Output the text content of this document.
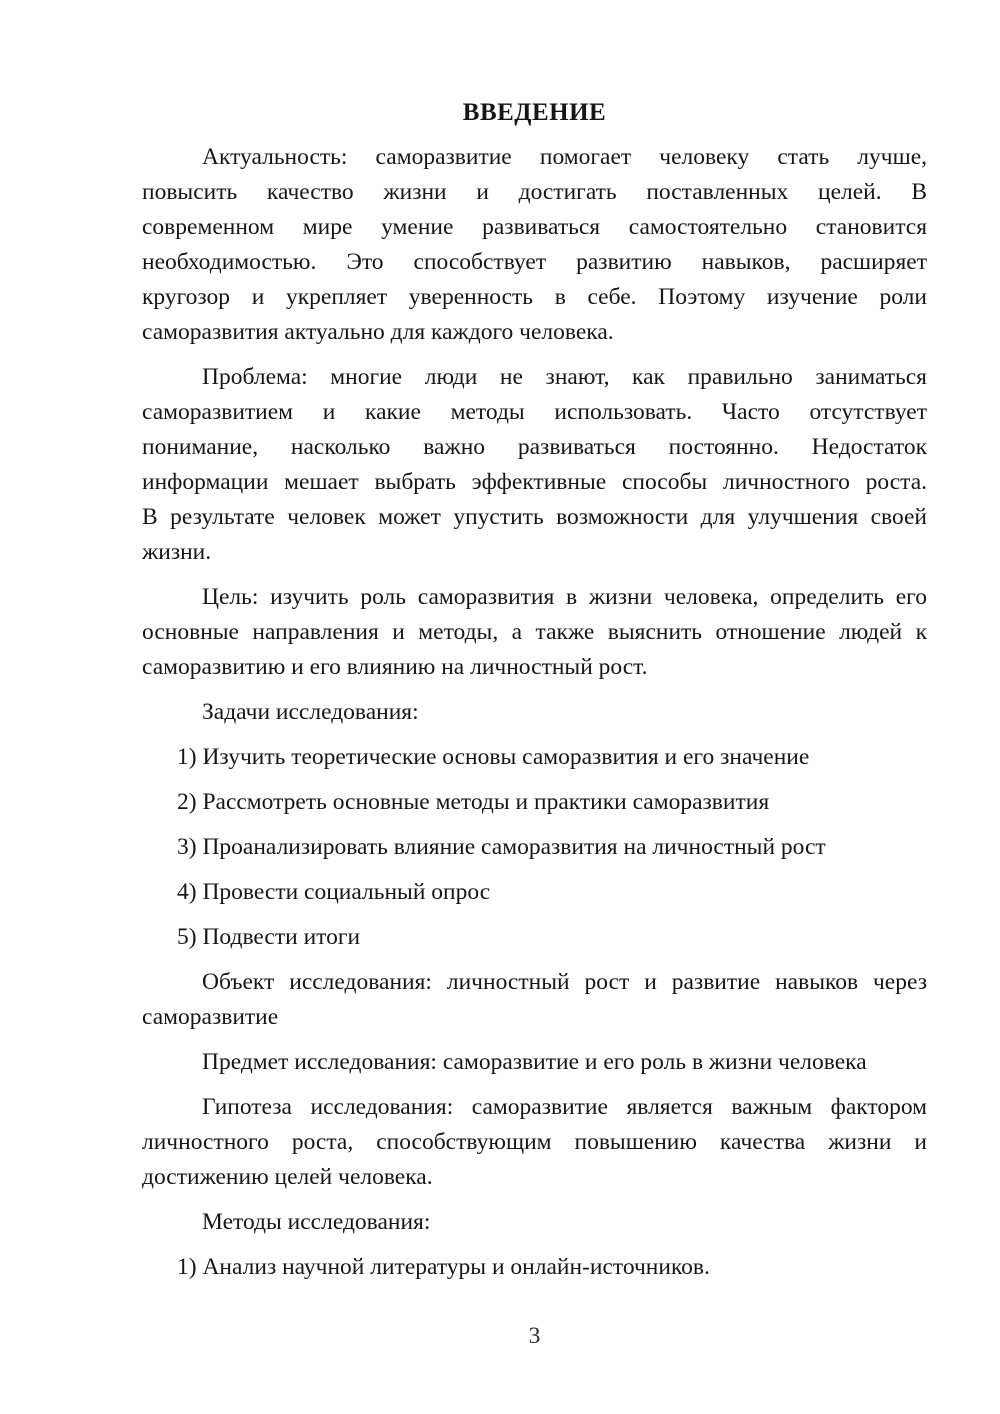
ВВЕДЕНИЕ
Актуальность: саморазвитие помогает человеку стать лучше,
повысить качество жизни и достигать поставленных целей. В
современном мире умение развиваться самостоятельно становится
необходимостью. Это способствует развитию навыков, расширяет
кругозор и укрепляет уверенность в себе. Поэтому изучение роли
саморазвития актуально для каждого человека.
Проблема: многие люди не знают, как правильно заниматься
саморазвитием и какие методы использовать. Часто отсутствует
понимание, насколько важно развиваться постоянно. Недостаток
информации мешает выбрать эффективные способы личностного роста.
В результате человек может упустить возможности для улучшения своей
жизни.
Цель: изучить роль саморазвития в жизни человека, определить его
основные направления и методы, а также выяснить отношение людей к
саморазвитию и его влиянию на личностный рост.

Задачи исследования:

1) Изучить теоретические основы саморазвития и его значение

2) Рассмотреть основные методы и практики саморазвития

3) Проанализировать влияние саморазвития на личностный рост

4) Провести социальный опрос

5) Подвести итоги

Объект исследования: личностный рост и развитие навыков через
саморазвитие

Предмет исследования: саморазвитие и его роль в жизни человека

Гипотеза исследования: саморазвитие является важным фактором
личностного роста, способствующим повышению качества жизни и
достижению целей человека.

Методы исследования:

1) Анализ научной литературы и онлайн-источников.

3
